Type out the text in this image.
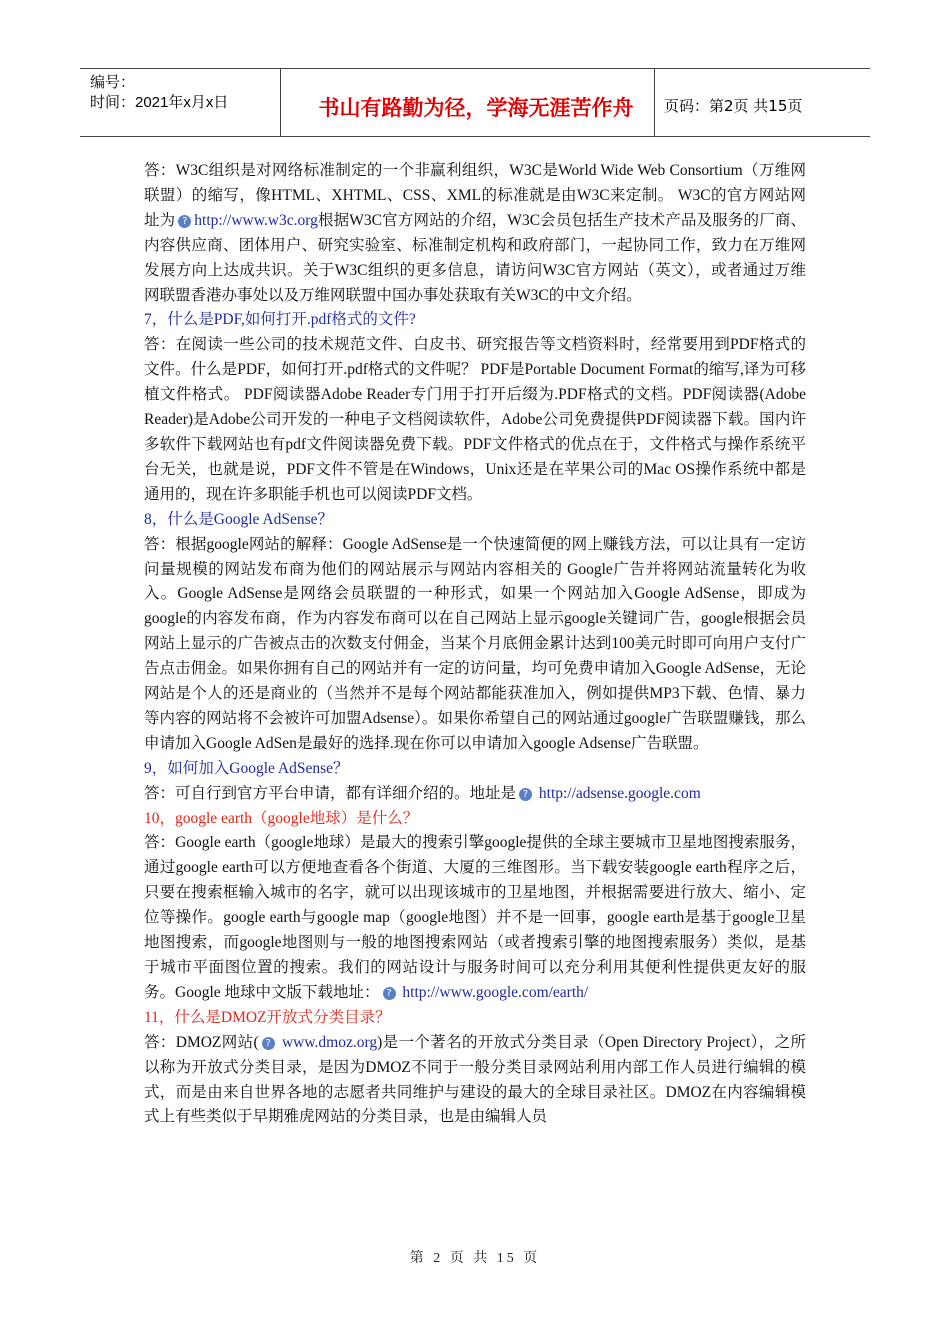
编号：
时间：2021年x月x日	书山有路勤为径，学海无涯苦作舟	页码：第2页 共15页

答：W3C组织是对网络标准制定的一个非赢利组织，W3C是World Wide Web Consortium（万维网联盟）的缩写，像HTML、XHTML、CSS、XML的标准就是由W3C来定制。 W3C的官方网站网址为 ? http://www.w3c.org根据W3C官方网站的介绍，W3C会员包括生产技术产品及服务的厂商、内容供应商、团体用户、研究实验室、标准制定机构和政府部门，一起协同工作，致力在万维网发展方向上达成共识。关于W3C组织的更多信息，请访问W3C官方网站（英文），或者通过万维网联盟香港办事处以及万维网联盟中国办事处获取有关W3C的中文介绍。

7，什么是PDF,如何打开.pdf格式的文件?

答：在阅读一些公司的技术规范文件、白皮书、研究报告等文档资料时，经常要用到PDF格式的文件。什么是PDF，如何打开.pdf格式的文件呢？ PDF是Portable Document Format的缩写,译为可移植文件格式。 PDF阅读器Adobe Reader专门用于打开后缀为.PDF格式的文档。PDF阅读器(Adobe Reader)是Adobe公司开发的一种电子文档阅读软件，Adobe公司免费提供PDF阅读器下载。国内许多软件下载网站也有pdf文件阅读器免费下载。PDF文件格式的优点在于，文件格式与操作系统平台无关，也就是说，PDF文件不管是在Windows，Unix还是在苹果公司的Mac OS操作系统中都是通用的，现在许多职能手机也可以阅读PDF文档。

8，什么是Google AdSense？

答：根据google网站的解释：Google AdSense是一个快速简便的网上赚钱方法，可以让具有一定访问量规模的网站发布商为他们的网站展示与网站内容相关的 Google广告并将网站流量转化为收入。Google AdSense是网络会员联盟的一种形式，如果一个网站加入Google AdSense，即成为google的内容发布商，作为内容发布商可以在自己网站上显示google关键词广告，google根据会员网站上显示的广告被点击的次数支付佣金，当某个月底佣金累计达到100美元时即可向用户支付广告点击佣金。如果你拥有自己的网站并有一定的访问量，均可免费申请加入Google AdSense，无论网站是个人的还是商业的（当然并不是每个网站都能获准加入，例如提供MP3下载、色情、暴力等内容的网站将不会被许可加盟Adsense）。如果你希望自己的网站通过google广告联盟赚钱，那么申请加入Google AdSen是最好的选择.现在你可以申请加入google Adsense广告联盟。

9，如何加入Google AdSense？

答：可自行到官方平台申请，都有详细介绍的。地址是 ? http://adsense.google.com

10，google earth（google地球）是什么？

答：Google earth（google地球）是最大的搜索引擎google提供的全球主要城市卫星地图搜索服务，通过google earth可以方便地查看各个街道、大厦的三维图形。当下载安装google earth程序之后，只要在搜索框输入城市的名字，就可以出现该城市的卫星地图，并根据需要进行放大、缩小、定位等操作。google earth与google map（google地图）并不是一回事，google earth是基于google卫星地图搜索，而google地图则与一般的地图搜索网站（或者搜索引擎的地图搜索服务）类似，是基于城市平面图位置的搜索。我们的网站设计与服务时间可以充分利用其便利性提供更友好的服务。Google 地球中文版下载地址： ? http://www.google.com/earth/

11，什么是DMOZ开放式分类目录？

答：DMOZ网站( ? www.dmoz.org)是一个著名的开放式分类目录（Open Directory Project），之所以称为开放式分类目录，是因为DMOZ不同于一般分类目录网站利用内部工作人员进行编辑的模式，而是由来自世界各地的志愿者共同维护与建设的最大的全球目录社区。DMOZ在内容编辑模式上有些类似于早期雅虎网站的分类目录，也是由编辑人员

第 2 页 共 15 页
